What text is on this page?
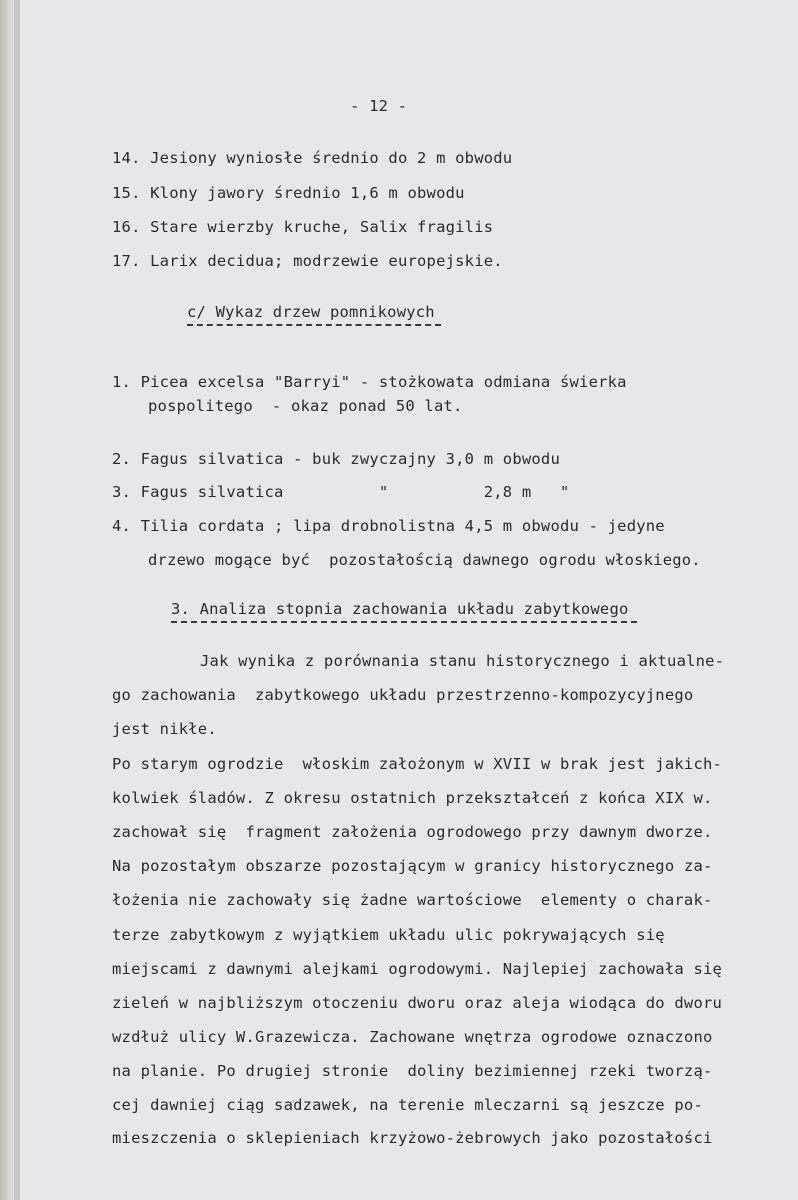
- 12 -
14. Jesiony wyniosłe średnio do 2 m obwodu
15. Klony jawory średnio 1,6 m obwodu
16. Stare wierzby kruche, Salix fragilis
17. Larix decidua; modrzewie europejskie.
c/ Wykaz drzew pomnikowych
1. Picea excelsa "Barryi" - stożkowata odmiana świerka
pospolitego  - okaz ponad 50 lat.
2. Fagus silvatica - buk zwyczajny 3,0 m obwodu
3. Fagus silvatica          "          2,8 m   "
4. Tilia cordata ; lipa drobnolistna 4,5 m obwodu - jedyne
drzewo mogące być  pozostałością dawnego ogrodu włoskiego.
3. Analiza stopnia zachowania układu zabytkowego
Jak wynika z porównania stanu historycznego i aktualne-
go zachowania  zabytkowego układu przestrzenno-kompozycyjnego
jest nikłe.
Po starym ogrodzie  włoskim założonym w XVII w brak jest jakich-
kolwiek śladów. Z okresu ostatnich przekształceń z końca XIX w.
zachował się  fragment założenia ogrodowego przy dawnym dworze.
Na pozostałym obszarze pozostającym w granicy historycznego za-
łożenia nie zachowały się żadne wartościowe  elementy o charak-
terze zabytkowym z wyjątkiem układu ulic pokrywających się
miejscami z dawnymi alejkami ogrodowymi. Najlepiej zachowała się
zieleń w najbliższym otoczeniu dworu oraz aleja wiodąca do dworu
wzdłuż ulicy W.Grazewicza. Zachowane wnętrza ogrodowe oznaczono
na planie. Po drugiej stronie  doliny bezimiennej rzeki tworzą-
cej dawniej ciąg sadzawek, na terenie mleczarni są jeszcze po-
mieszczenia o sklepieniach krzyżowo-żebrowych jako pozostałości
